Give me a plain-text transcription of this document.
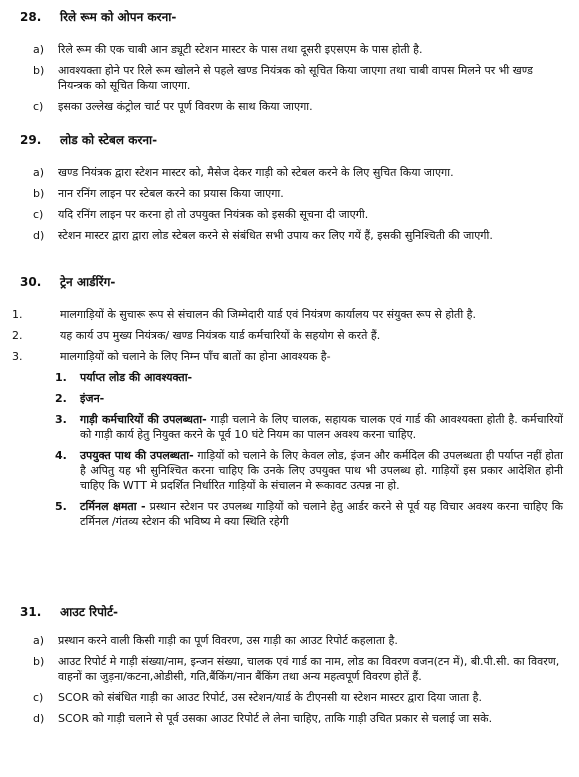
28. रिले रूम को ओपन करना-
a) रिले रूम की एक चाबी आन ड्यूटी स्टेशन मास्टर के पास तथा दूसरी इएसएम के पास होती है.
b) आवश्यक्ता होने पर रिले रूम खोलने से पहले खण्ड नियंत्रक को सूचित किया जाएगा तथा चाबी वापस मिलने पर भी खण्ड नियन्त्रक को सूचित किया जाएगा.
c) इसका उल्लेख कंट्रोल चार्ट पर पूर्ण विवरण के साथ किया जाएगा.
29. लोड को स्टेबल करना-
a) खण्ड नियंत्रक द्वारा स्टेशन मास्टर को, मैसेज देकर गाड़ी को स्टेबल करने के लिए सुचित किया जाएगा.
b) नान रनिंग लाइन पर स्टेबल करने का प्रयास किया जाएगा.
c) यदि रनिंग लाइन पर करना हो तो उपयुक्त नियंत्रक को इसकी सूचना दी जाएगी.
d) स्टेशन मास्टर द्वारा द्वारा लोड स्टेबल करने से संबंधित सभी उपाय कर लिए गयें हैं, इसकी सुनिश्चिती की जाएगी.
30. ट्रेन आर्डरिंग-
1.	मालगाड़ियों के सुचारू रूप से संचालन की जिम्मेदारी यार्ड एवं नियंत्रण कार्यालय पर संयुक्त रूप से होती है.
2.	यह कार्य उप मुख्य नियंत्रक/ खण्ड नियंत्रक यार्ड कर्मचारियों के सहयोग से करते हैं.
3.	मालगाड़ियों को चलाने के लिए निम्न पाँच बातों का होना आवश्यक है-
1. पर्याप्त लोड की आवश्यक्ता-
2. इंजन-
3. गाड़ी कर्मचारियों की उपलब्धता- गाड़ी चलाने के लिए चालक, सहायक चालक एवं गार्ड की आवश्यक्ता होती है. कर्मचारियों को गाड़ी कार्य हेतु नियुक्त करने के पूर्व 10 घंटे नियम का पालन अवश्य करना चाहिए.
4. उपयुक्त पाथ की उपलब्धता- गाड़ियों को चलाने के लिए केवल लोड, इंजन और कर्मदिल की उपलब्धता ही पर्याप्त नहीं होता है अपितु यह भी सुनिश्चित करना चाहिए कि उनके लिए उपयुक्त पाथ भी उपलब्ध हो. गाड़ियों इस प्रकार आदेशित होनी चाहिए कि WTT मे प्रदर्शित निर्धारित गाड़ियों के संचालन मे रूकावट उत्पन्न ना हो.
5. टर्मिनल क्षमता - प्रस्थान स्टेशन पर उपलब्ध गाड़ियों को चलाने हेतु आर्डर करने से पूर्व यह विचार अवश्य करना चाहिए कि टर्मिनल /गंतव्य स्टेशन की भविष्य मे क्या स्थिति रहेगी
31. आउट रिपोर्ट-
a) प्रस्थान करने वाली किसी गाड़ी का पूर्ण विवरण, उस गाड़ी का आउट रिपोर्ट कहलाता है.
b) आउट रिपोर्ट मे गाड़ी संख्या/नाम, इन्जन संख्या, चालक एवं गार्ड का नाम, लोड का विवरण वजन(टन में), बी.पी.सी. का विवरण, वाहनों का जुड़ना/कटना,ओडीसी, गति,बैंकिंग/नान बैंकिंग तथा अन्य महत्वपूर्ण विवरण होतें हैं.
c) SCOR को संबंधित गाड़ी का आउट रिपोर्ट, उस स्टेशन/यार्ड के टीएनसी या स्टेशन मास्टर द्वारा दिया जाता है.
d) SCOR को गाड़ी चलाने से पूर्व उसका आउट रिपोर्ट ले लेना चाहिए, ताकि गाड़ी उचित प्रकार से चलाई जा सके.
